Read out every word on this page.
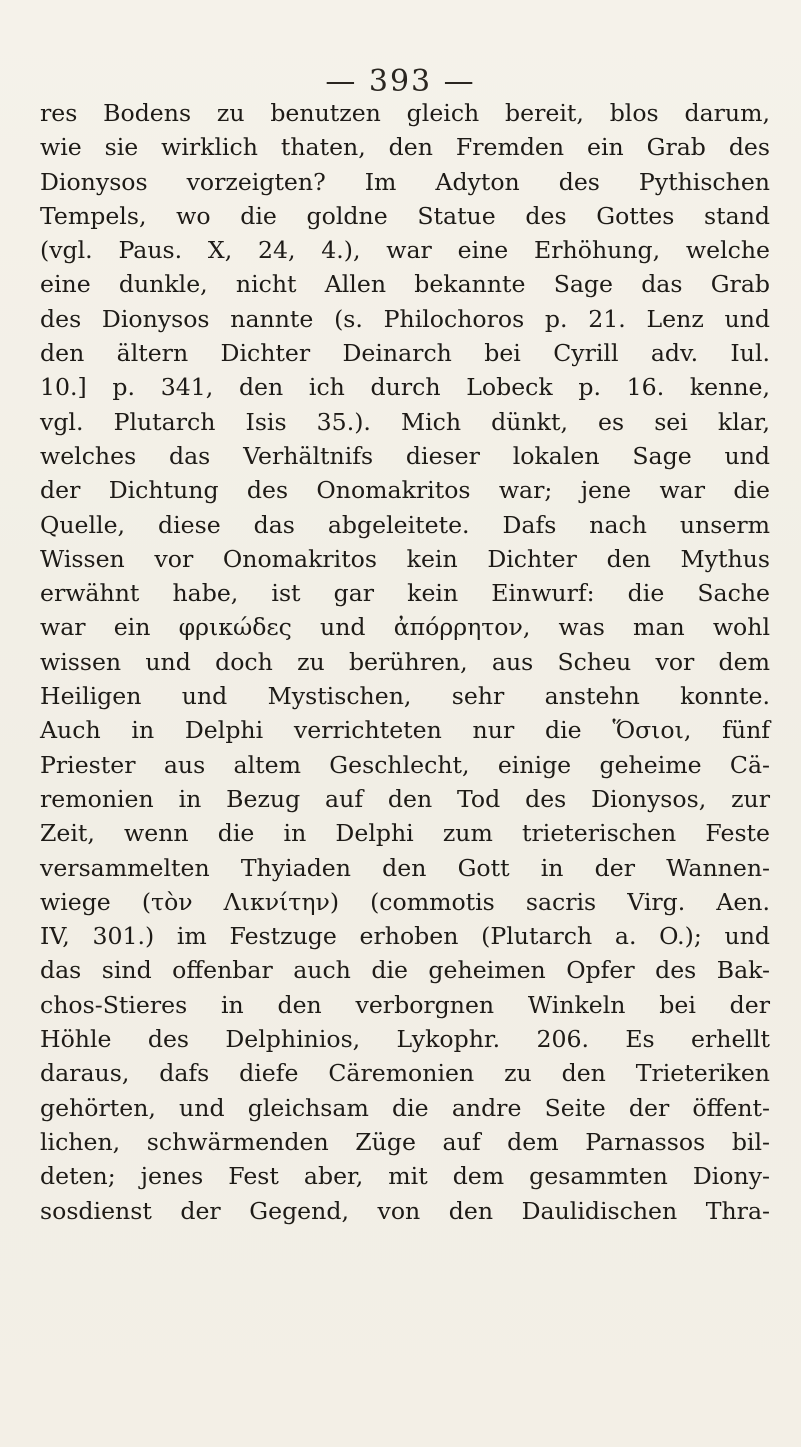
— 393 —
res Bodens zu benutzen gleich bereit, blos darum,
wie sie wirklich thaten, den Fremden ein Grab des
Dionysos vorzeigten? Im Adyton des Pythischen
Tempels, wo die goldne Statue des Gottes stand
(vgl. Paus. X, 24, 4.), war eine Erhöhung, welche
eine dunkle, nicht Allen bekannte Sage das Grab
des Dionysos nannte (s. Philochoros p. 21. Lenz und
den ältern Dichter Deinarch bei Cyrill adv. Iul.
10.] p. 341, den ich durch Lobeck p. 16. kenne,
vgl. Plutarch Isis 35.). Mich dünkt, es sei klar,
welches das Verhältnifs dieser lokalen Sage und
der Dichtung des Onomakritos war; jene war die
Quelle, diese das abgeleitete. Dafs nach unserm
Wissen vor Onomakritos kein Dichter den Mythus
erwähnt habe, ist gar kein Einwurf: die Sache
war ein φρικώδες und ἀπόρρητον, was man wohl
wissen und doch zu berühren, aus Scheu vor dem
Heiligen und Mystischen, sehr anstehn konnte.
Auch in Delphi verrichteten nur die Ὅσιοι, fünf
Priester aus altem Geschlecht, einige geheime Cä-
remonien in Bezug auf den Tod des Dionysos, zur
Zeit, wenn die in Delphi zum trieterischen Feste
versammelten Thyiaden den Gott in der Wannen-
wiege (τὸν Λικνίτην) (commotis sacris Virg. Aen.
IV, 301.) im Festzuge erhoben (Plutarch a. O.); und
das sind offenbar auch die geheimen Opfer des Bak-
chos-Stieres in den verborgnen Winkeln bei der
Höhle des Delphinios, Lykophr. 206. Es erhellt
daraus, dafs diefe Cäremonien zu den Trieteriken
gehörten, und gleichsam die andre Seite der öffent-
lichen, schwärmenden Züge auf dem Parnassos bil-
deten; jenes Fest aber, mit dem gesammten Diony-
sosdienst der Gegend, von den Daulidischen Thra-
